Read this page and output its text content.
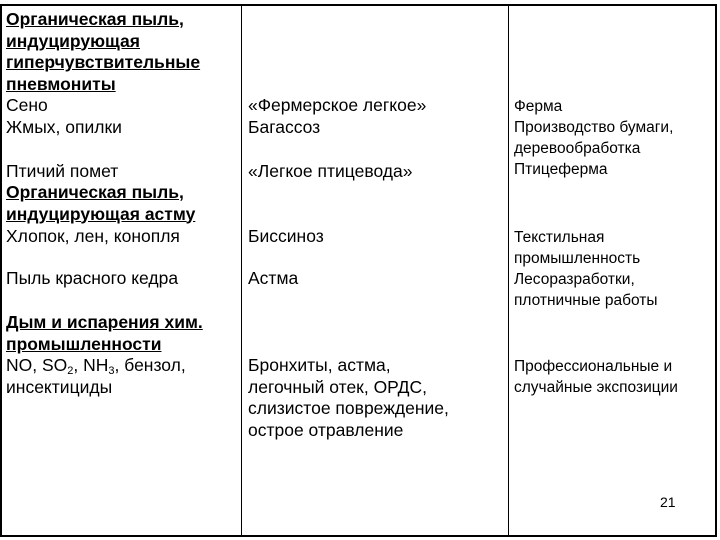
Органическая пыль,
индуцирующая
гиперчувствительные
пневмониты
Сено
Жмых, опилки
Птичий помет
Органическая пыль,
индуцирующая астму
Хлопок, лен, конопля
Пыль красного кедра
Дым и испарения хим.
промышленности
NO, $SO_2$, $NH_3$, бензол,
инсектициды
«Фермерское легкое»
Багассоз
«Легкое птицевода»
Биссиноз
Астма
Бронхиты, астма,
легочный отек, ОРДС,
слизистое повреждение,
острое отравление
Ферма
Производство бумаги,
деревообработка
Птицеферма
Текстильная
промышленность
Лесоразработки,
плотничные работы
Профессиональные и
случайные экспозиции
21
